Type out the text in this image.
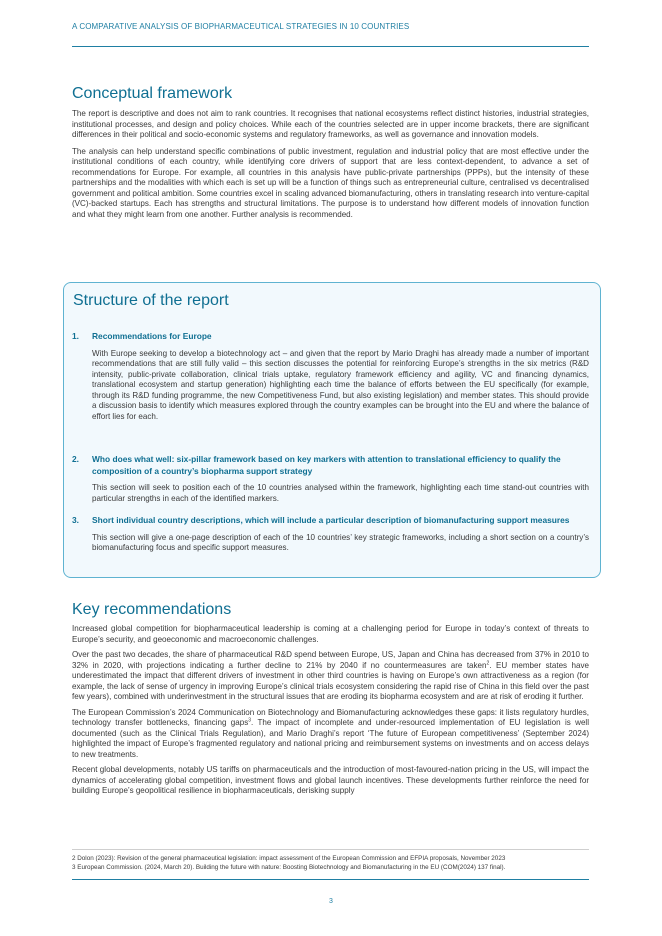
A COMPARATIVE ANALYSIS OF BIOPHARMACEUTICAL STRATEGIES IN 10 COUNTRIES
Conceptual framework

The report is descriptive and does not aim to rank countries. It recognises that national ecosystems reflect distinct histories, industrial strategies, institutional processes, and design and policy choices. While each of the countries selected are in upper income brackets, there are significant differences in their political and socio-economic systems and regulatory frameworks, as well as governance and innovation models.

The analysis can help understand specific combinations of public investment, regulation and industrial policy that are most effective under the institutional conditions of each country, while identifying core drivers of support that are less context-dependent, to advance a set of recommendations for Europe. For example, all countries in this analysis have public-private partnerships (PPPs), but the intensity of these partnerships and the modalities with which each is set up will be a function of things such as entrepreneurial culture, centralised vs decentralised government and political ambition. Some countries excel in scaling advanced biomanufacturing, others in translating research into venture-capital (VC)-backed startups. Each has strengths and structural limitations. The purpose is to understand how different models of innovation function and what they might learn from one another. Further analysis is recommended.

Structure of the report
1. Recommendations for Europe

With Europe seeking to develop a biotechnology act – and given that the report by Mario Draghi has already made a number of important recommendations that are still fully valid – this section discusses the potential for reinforcing Europe’s strengths in the six metrics (R&D intensity, public-private collaboration, clinical trials uptake, regulatory framework efficiency and agility, VC and financing dynamics, translational ecosystem and startup generation) highlighting each time the balance of efforts between the EU specifically (for example, through its R&D funding programme, the new Competitiveness Fund, but also existing legislation) and member states. This should provide a discussion basis to identify which measures explored through the country examples can be brought into the EU and where the balance of effort lies for each.

2. Who does what well: six-pillar framework based on key markers with attention to translational efficiency to qualify the composition of a country’s biopharma support strategy

This section will seek to position each of the 10 countries analysed within the framework, highlighting each time stand-out countries with particular strengths in each of the identified markers.

3. Short individual country descriptions, which will include a particular description of biomanufacturing support measures

This section will give a one-page description of each of the 10 countries’ key strategic frameworks, including a short section on a country’s biomanufacturing focus and specific support measures.

Key recommendations

Increased global competition for biopharmaceutical leadership is coming at a challenging period for Europe in today’s context of threats to Europe’s security, and geoeconomic and macroeconomic challenges.

Over the past two decades, the share of pharmaceutical R&D spend between Europe, US, Japan and China has decreased from 37% in 2010 to 32% in 2020, with projections indicating a further decline to 21% by 2040 if no countermeasures are taken$^2$. EU member states have underestimated the impact that different drivers of investment in other third countries is having on Europe’s own attractiveness as a region (for example, the lack of sense of urgency in improving Europe’s clinical trials ecosystem considering the rapid rise of China in this field over the past few years), combined with underinvestment in the structural issues that are eroding its biopharma ecosystem and are at risk of eroding it further.

The European Commission’s 2024 Communication on Biotechnology and Biomanufacturing acknowledges these gaps: it lists regulatory hurdles, technology transfer bottlenecks, financing gaps$^3$. The impact of incomplete and under-resourced implementation of EU legislation is well documented (such as the Clinical Trials Regulation), and Mario Draghi’s report ‘The future of European competitiveness’ (September 2024) highlighted the impact of Europe’s fragmented regulatory and national pricing and reimbursement systems on investments and on access delays to new treatments.

Recent global developments, notably US tariffs on pharmaceuticals and the introduction of most-favoured-nation pricing in the US, will impact the dynamics of accelerating global competition, investment flows and global launch incentives. These developments further reinforce the need for building Europe’s geopolitical resilience in biopharmaceuticals, derisking supply

2 Dolon (2023): Revision of the general pharmaceutical legislation: impact assessment of the European Commission and EFPIA proposals, November 2023
3 European Commission. (2024, March 20). Building the future with nature: Boosting Biotechnology and Biomanufacturing in the EU (COM(2024) 137 final).
3
